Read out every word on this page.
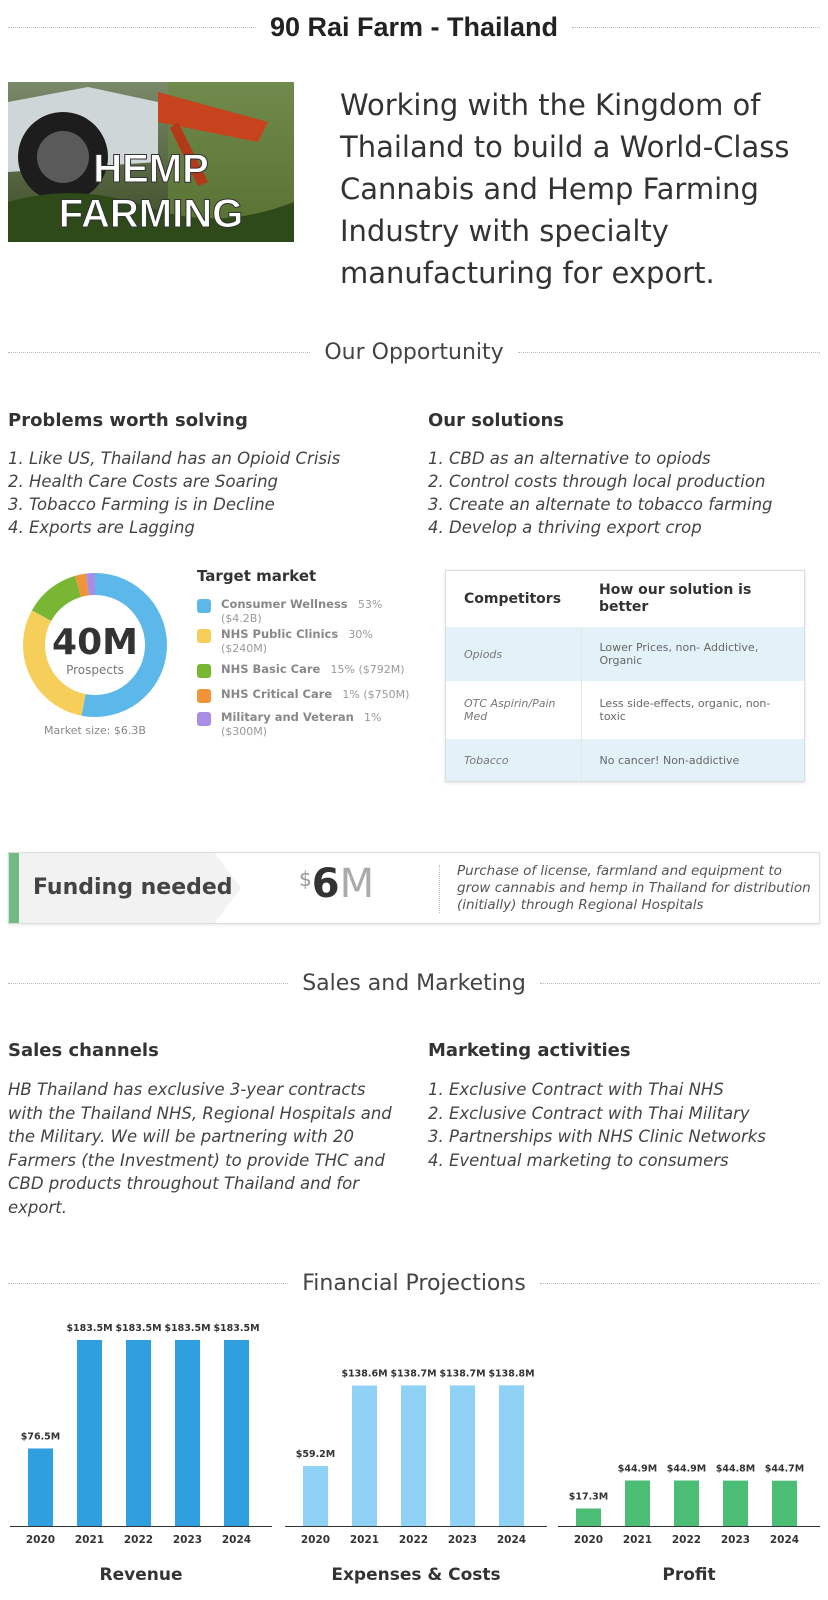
90 Rai Farm - Thailand
HEMP
FARMING
Working with the Kingdom of Thailand to build a World-Class Cannabis and Hemp Farming Industry with specialty manufacturing for export.
Our Opportunity
Problems worth solving
1. Like US, Thailand has an Opioid Crisis
2. Health Care Costs are Soaring
3. Tobacco Farming is in Decline
4. Exports are Lagging
Our solutions
1. CBD as an alternative to opiods
2. Control costs through local production
3. Create an alternate to tobacco farming
4. Develop a thriving export crop
40M
Prospects
Market size: $6.3B
Target market
Consumer Wellness 53%
($4.2B)
NHS Public Clinics 30%
($240M)
NHS Basic Care 15% ($792M)
NHS Critical Care 1% ($750M)
Military and Veteran 1%
($300M)
Competitors	How our solution is better
Opiods	Lower Prices, non- Addictive, Organic
OTC Aspirin/Pain Med	Less side-effects, organic, non-toxic
Tobacco	No cancer! Non-addictive
Funding needed	$6M	Purchase of license, farmland and equipment to grow cannabis and hemp in Thailand for distribution (initially) through Regional Hospitals
Sales and Marketing
Sales channels
HB Thailand has exclusive 3-year contracts with the Thailand NHS, Regional Hospitals and the Military. We will be partnering with 20 Farmers (the Investment) to provide THC and CBD products throughout Thailand and for export.
Marketing activities
1. Exclusive Contract with Thai NHS
2. Exclusive Contract with Thai Military
3. Partnerships with NHS Clinic Networks
4. Eventual marketing to consumers
Financial Projections
$76.5M
2020
$183.5M
2021
$183.5M
2022
$183.5M
2023
$183.5M
2024
$59.2M
2020
$138.6M
2021
$138.7M
2022
$138.7M
2023
$138.8M
2024
$17.3M
2020
$44.9M
2021
$44.9M
2022
$44.8M
2023
$44.7M
2024
Revenue	Expenses & Costs	Profit
